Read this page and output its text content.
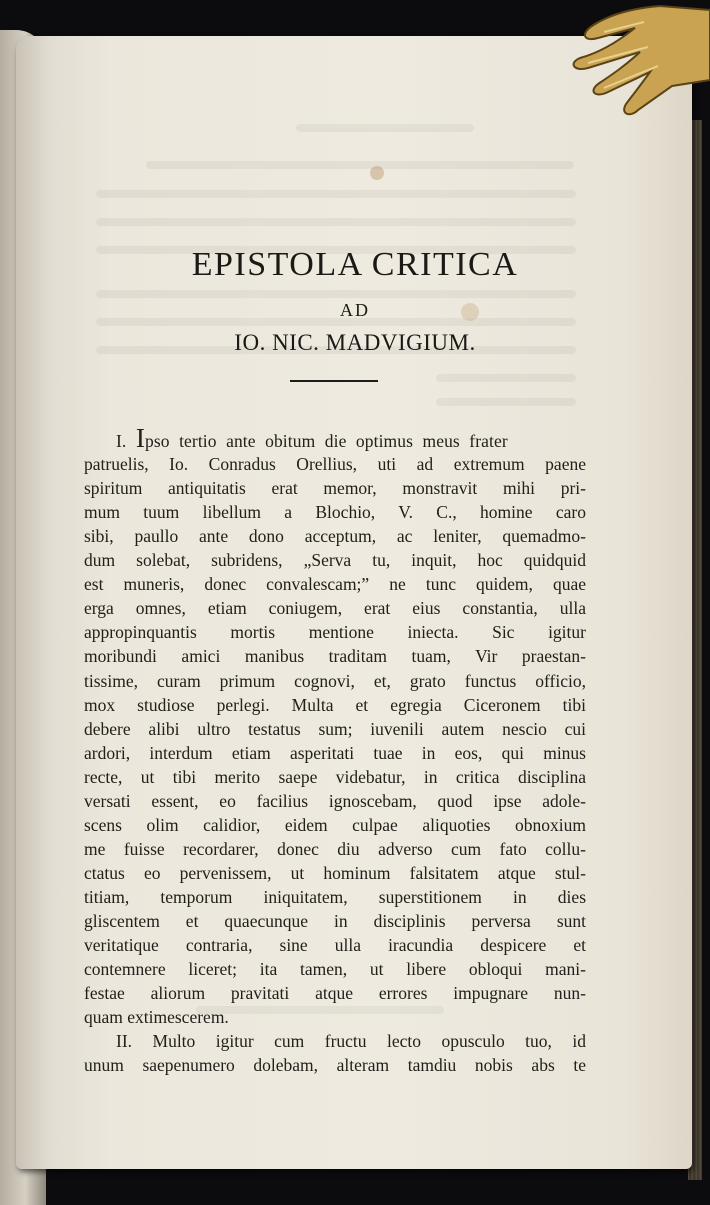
EPISTOLA CRITICA
AD
IO. NIC. MADVIGIUM.
I. Ipso tertio ante obitum die optimus meus frater
patruelis, Io. Conradus Orellius, uti ad extremum paene
spiritum antiquitatis erat memor, monstravit mihi pri-
mum tuum libellum a Blochio, V. C., homine caro
sibi, paullo ante dono acceptum, ac leniter, quemadmo-
dum solebat, subridens, „Serva tu, inquit, hoc quidquid
est muneris, donec convalescam;” ne tunc quidem, quae
erga omnes, etiam coniugem, erat eius constantia, ulla
appropinquantis mortis mentione iniecta. Sic igitur
moribundi amici manibus traditam tuam, Vir praestan-
tissime, curam primum cognovi, et, grato functus officio,
mox studiose perlegi. Multa et egregia Ciceronem tibi
debere alibi ultro testatus sum; iuvenili autem nescio cui
ardori, interdum etiam asperitati tuae in eos, qui minus
recte, ut tibi merito saepe videbatur, in critica disciplina
versati essent, eo facilius ignoscebam, quod ipse adole-
scens olim calidior, eidem culpae aliquoties obnoxium
me fuisse recordarer, donec diu adverso cum fato collu-
ctatus eo pervenissem, ut hominum falsitatem atque stul-
titiam, temporum iniquitatem, superstitionem in dies
gliscentem et quaecunque in disciplinis perversa sunt
veritatique contraria, sine ulla iracundia despicere et
contemnere liceret; ita tamen, ut libere obloqui mani-
festae aliorum pravitati atque errores impugnare nun-
quam extimescerem.
II. Multo igitur cum fructu lecto opusculo tuo, id
unum saepenumero dolebam, alteram tamdiu nobis abs te
